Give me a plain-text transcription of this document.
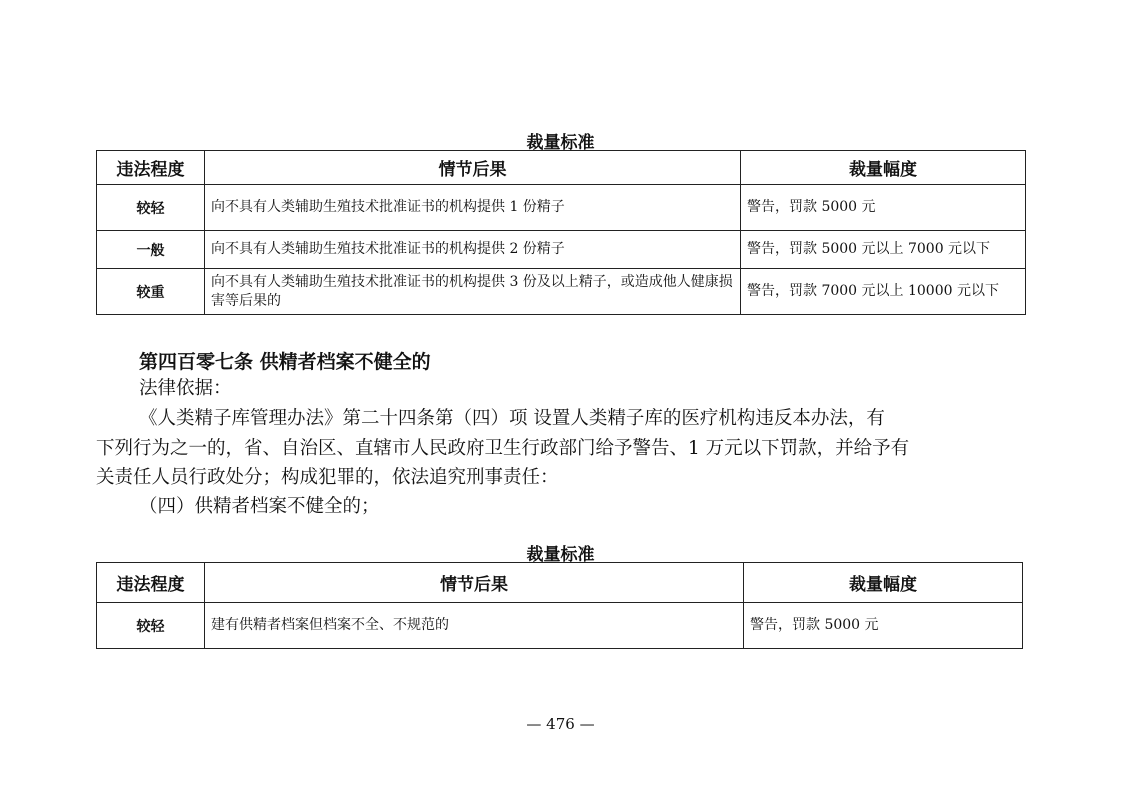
裁量标准
违法程度	情节后果	裁量幅度
较轻	向不具有人类辅助生殖技术批准证书的机构提供 1 份精子	警告，罚款 5000 元
一般	向不具有人类辅助生殖技术批准证书的机构提供 2 份精子	警告，罚款 5000 元以上 7000 元以下
较重	向不具有人类辅助生殖技术批准证书的机构提供 3 份及以上精子，或造成他人健康损害等后果的	警告，罚款 7000 元以上 10000 元以下
第四百零七条 供精者档案不健全的
法律依据：
《人类精子库管理办法》第二十四条第（四）项 设置人类精子库的医疗机构违反本办法，有
下列行为之一的，省、自治区、直辖市人民政府卫生行政部门给予警告、1 万元以下罚款，并给予有
关责任人员行政处分；构成犯罪的，依法追究刑事责任：
（四）供精者档案不健全的；
裁量标准
违法程度	情节后果	裁量幅度
较轻	建有供精者档案但档案不全、不规范的	警告，罚款 5000 元
— 476 —
